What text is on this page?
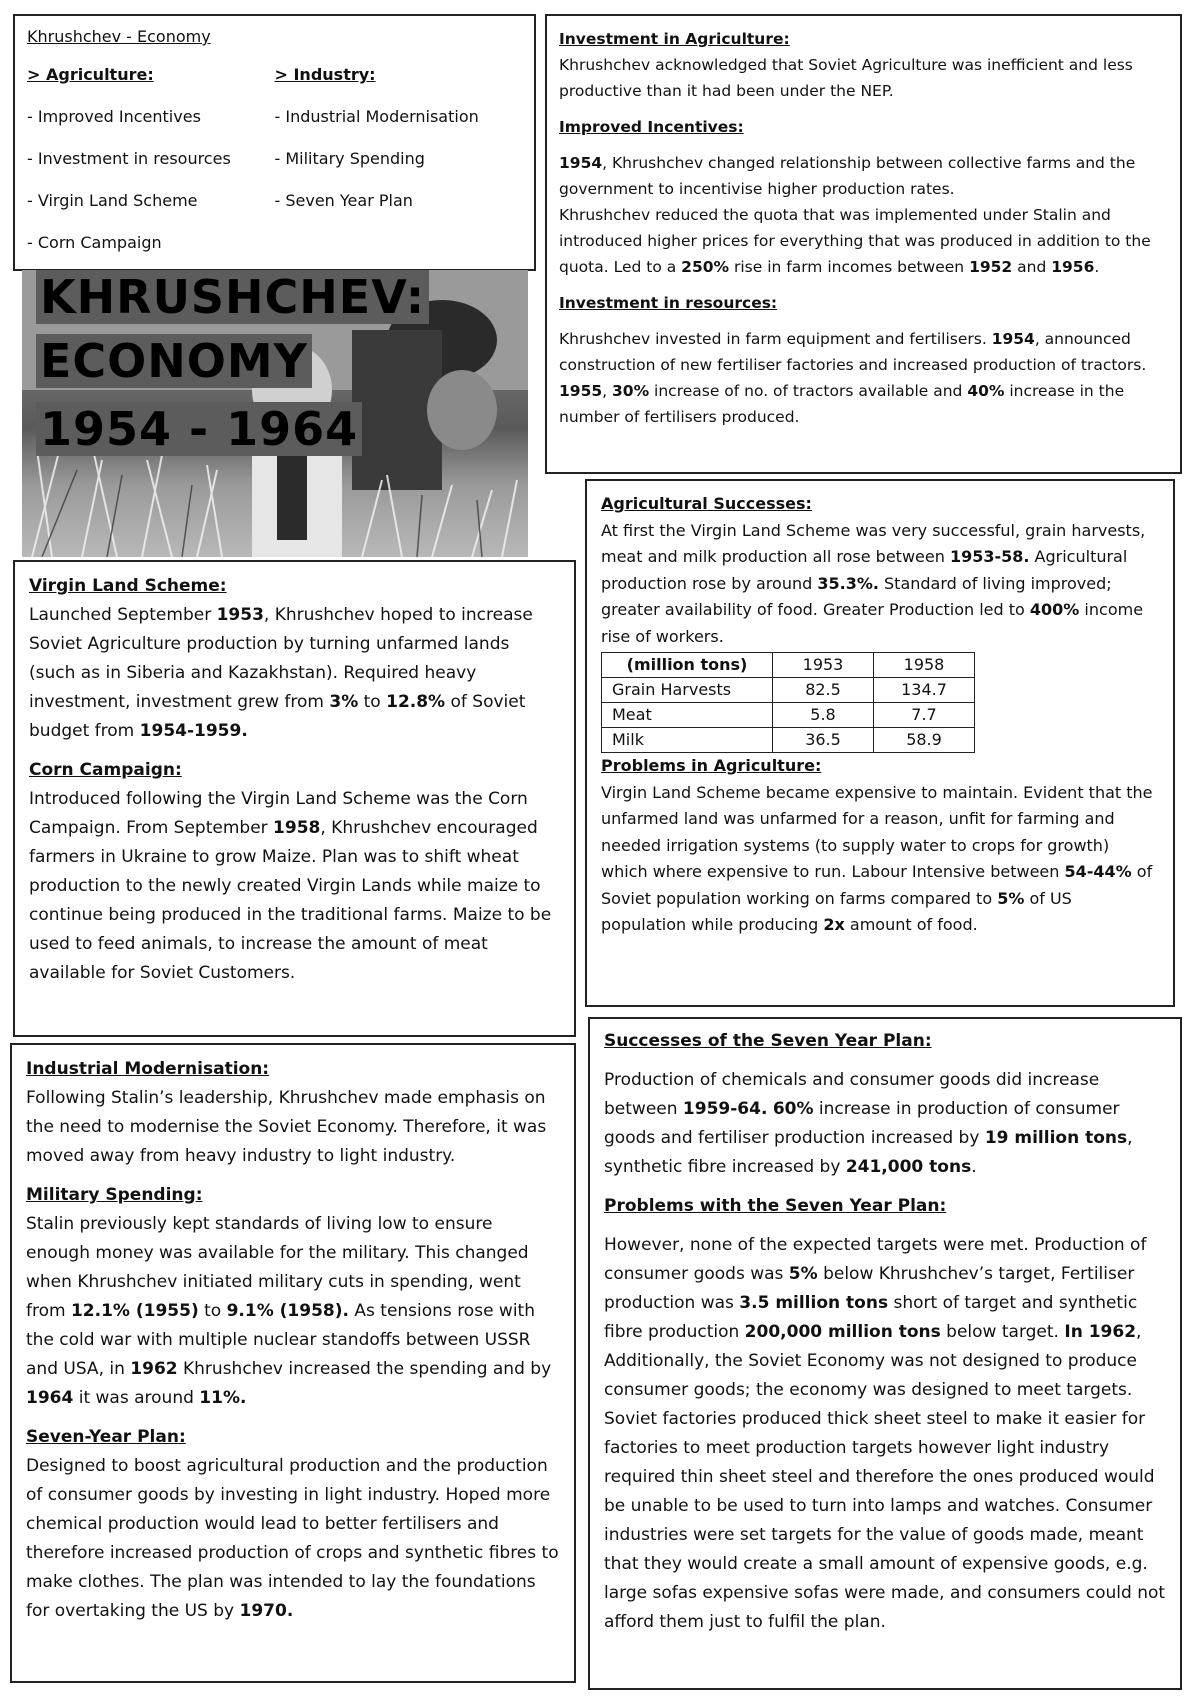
Khrushchev - Economy
> Agriculture:
- Improved Incentives
- Investment in resources
- Virgin Land Scheme
- Corn Campaign
> Industry:
- Industrial Modernisation
- Military Spending
- Seven Year Plan
KHRUSHCHEV:
ECONOMY
1954 - 1964

Investment in Agriculture:

Khrushchev acknowledged that Soviet Agriculture was inefficient and less productive than it had been under the NEP.

Improved Incentives:

1954, Khrushchev changed relationship between collective farms and the government to incentivise higher production rates.

Khrushchev reduced the quota that was implemented under Stalin and introduced higher prices for everything that was produced in addition to the quota. Led to a 250% rise in farm incomes between 1952 and 1956.

Investment in resources:

Khrushchev invested in farm equipment and fertilisers. 1954, announced construction of new fertiliser factories and increased production of tractors. 1955, 30% increase of no. of tractors available and 40% increase in the number of fertilisers produced.

Agricultural Successes:

At first the Virgin Land Scheme was very successful, grain harvests, meat and milk production all rose between 1953-58. Agricultural production rose by around 35.3%. Standard of living improved; greater availability of food. Greater Production led to 400% income rise of workers.

(million tons)	1953	1958
Grain Harvests	82.5	134.7
Meat	5.8	7.7
Milk	36.5	58.9

Problems in Agriculture:

Virgin Land Scheme became expensive to maintain. Evident that the unfarmed land was unfarmed for a reason, unfit for farming and needed irrigation systems (to supply water to crops for growth) which where expensive to run. Labour Intensive between 54-44% of Soviet population working on farms compared to 5% of US population while producing 2x amount of food.

Virgin Land Scheme:

Launched September 1953, Khrushchev hoped to increase Soviet Agriculture production by turning unfarmed lands (such as in Siberia and Kazakhstan). Required heavy investment, investment grew from 3% to 12.8% of Soviet budget from 1954-1959.

Corn Campaign:

Introduced following the Virgin Land Scheme was the Corn Campaign. From September 1958, Khrushchev encouraged farmers in Ukraine to grow Maize. Plan was to shift wheat production to the newly created Virgin Lands while maize to continue being produced in the traditional farms. Maize to be used to feed animals, to increase the amount of meat available for Soviet Customers.

Industrial Modernisation:

Following Stalin’s leadership, Khrushchev made emphasis on the need to modernise the Soviet Economy. Therefore, it was moved away from heavy industry to light industry.

Military Spending:

Stalin previously kept standards of living low to ensure enough money was available for the military. This changed when Khrushchev initiated military cuts in spending, went from 12.1% (1955) to 9.1% (1958). As tensions rose with the cold war with multiple nuclear standoffs between USSR and USA, in 1962 Khrushchev increased the spending and by 1964 it was around 11%.

Seven-Year Plan:

Designed to boost agricultural production and the production of consumer goods by investing in light industry. Hoped more chemical production would lead to better fertilisers and therefore increased production of crops and synthetic fibres to make clothes. The plan was intended to lay the foundations for overtaking the US by 1970.

Successes of the Seven Year Plan:

Production of chemicals and consumer goods did increase between 1959-64. 60% increase in production of consumer goods and fertiliser production increased by 19 million tons, synthetic fibre increased by 241,000 tons.

Problems with the Seven Year Plan:

However, none of the expected targets were met. Production of consumer goods was 5% below Khrushchev’s target, Fertiliser production was 3.5 million tons short of target and synthetic fibre production 200,000 million tons below target. In 1962, Additionally, the Soviet Economy was not designed to produce consumer goods; the economy was designed to meet targets. Soviet factories produced thick sheet steel to make it easier for factories to meet production targets however light industry required thin sheet steel and therefore the ones produced would be unable to be used to turn into lamps and watches. Consumer industries were set targets for the value of goods made, meant that they would create a small amount of expensive goods, e.g. large sofas expensive sofas were made, and consumers could not afford them just to fulfil the plan.
